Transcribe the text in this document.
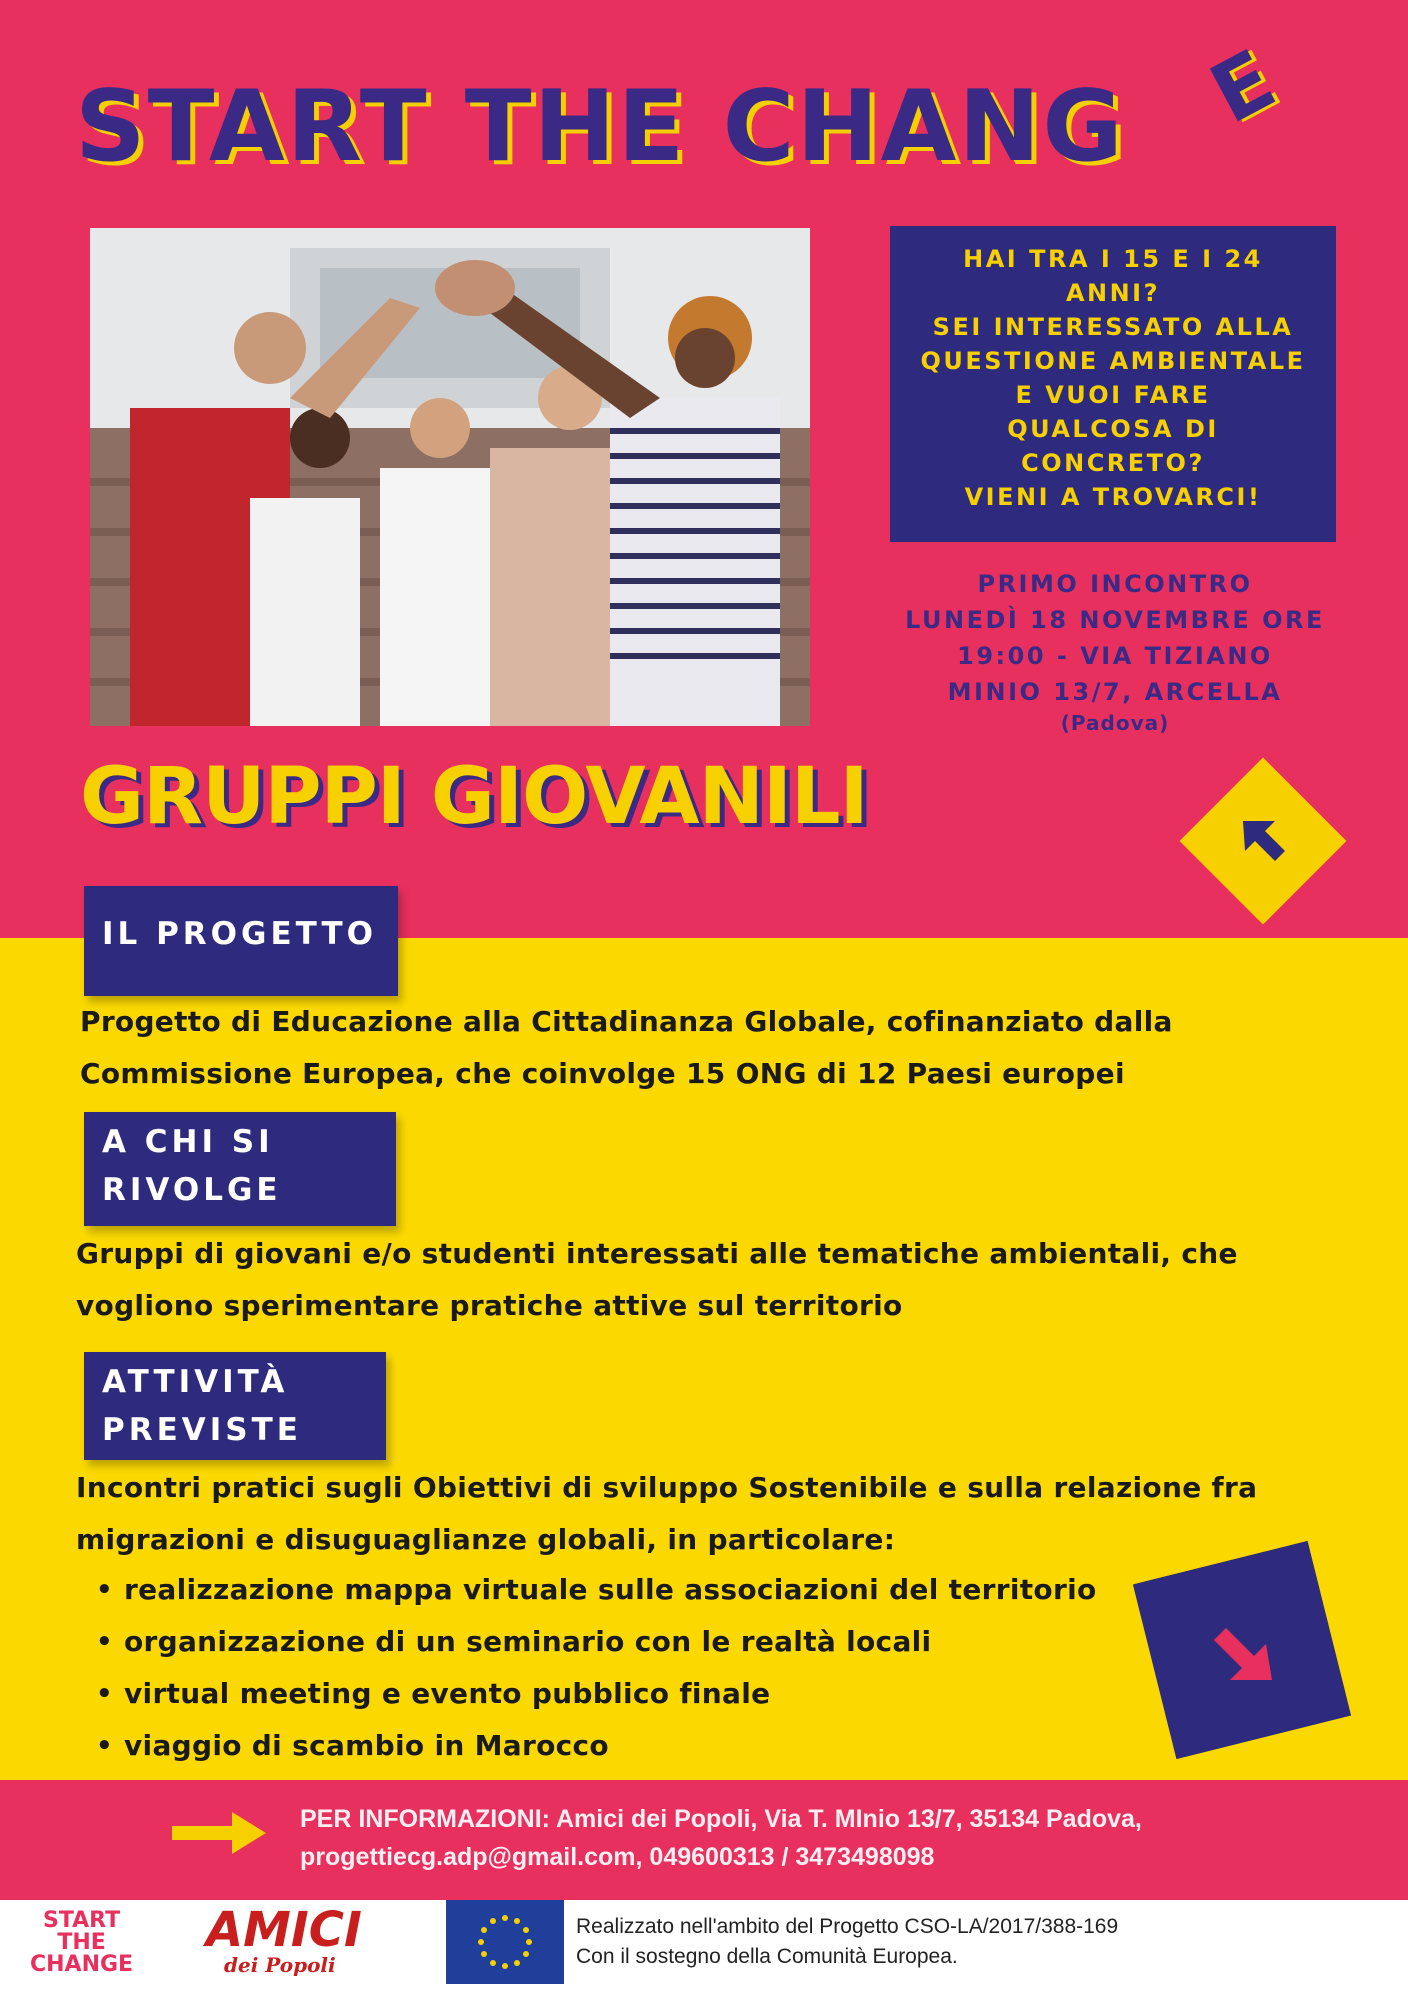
START THE CHANG E
HAI TRA I 15 E I 24
ANNI?
SEI INTERESSATO ALLA
QUESTIONE AMBIENTALE
E VUOI FARE
QUALCOSA DI
CONCRETO?
VIENI A TROVARCI!
PRIMO INCONTRO
LUNEDÌ 18 NOVEMBRE ORE
19:00 - VIA TIZIANO
MINIO 13/7, ARCELLA
(Padova)
GRUPPI GIOVANILI
IL PROGETTO
Progetto di Educazione alla Cittadinanza Globale, cofinanziato dalla
Commissione Europea, che coinvolge 15 ONG di 12 Paesi europei
A CHI SI
RIVOLGE
Gruppi di giovani e/o studenti interessati alle tematiche ambientali, che
vogliono sperimentare pratiche attive sul territorio
ATTIVITÀ
PREVISTE
Incontri pratici sugli Obiettivi di sviluppo Sostenibile e sulla relazione fra
migrazioni e disuguaglianze globali, in particolare:
• realizzazione mappa virtuale sulle associazioni del territorio
• organizzazione di un seminario con le realtà locali
• virtual meeting e evento pubblico finale
• viaggio di scambio in Marocco
PER INFORMAZIONI: Amici dei Popoli, Via T. MInio 13/7, 35134 Padova,
progettiecg.adp@gmail.com, 049600313 / 3473498098
START
THE
CHANGE
AMICI
dei Popoli
Realizzato nell'ambito del Progetto CSO-LA/2017/388-169
Con il sostegno della Comunità Europea.
